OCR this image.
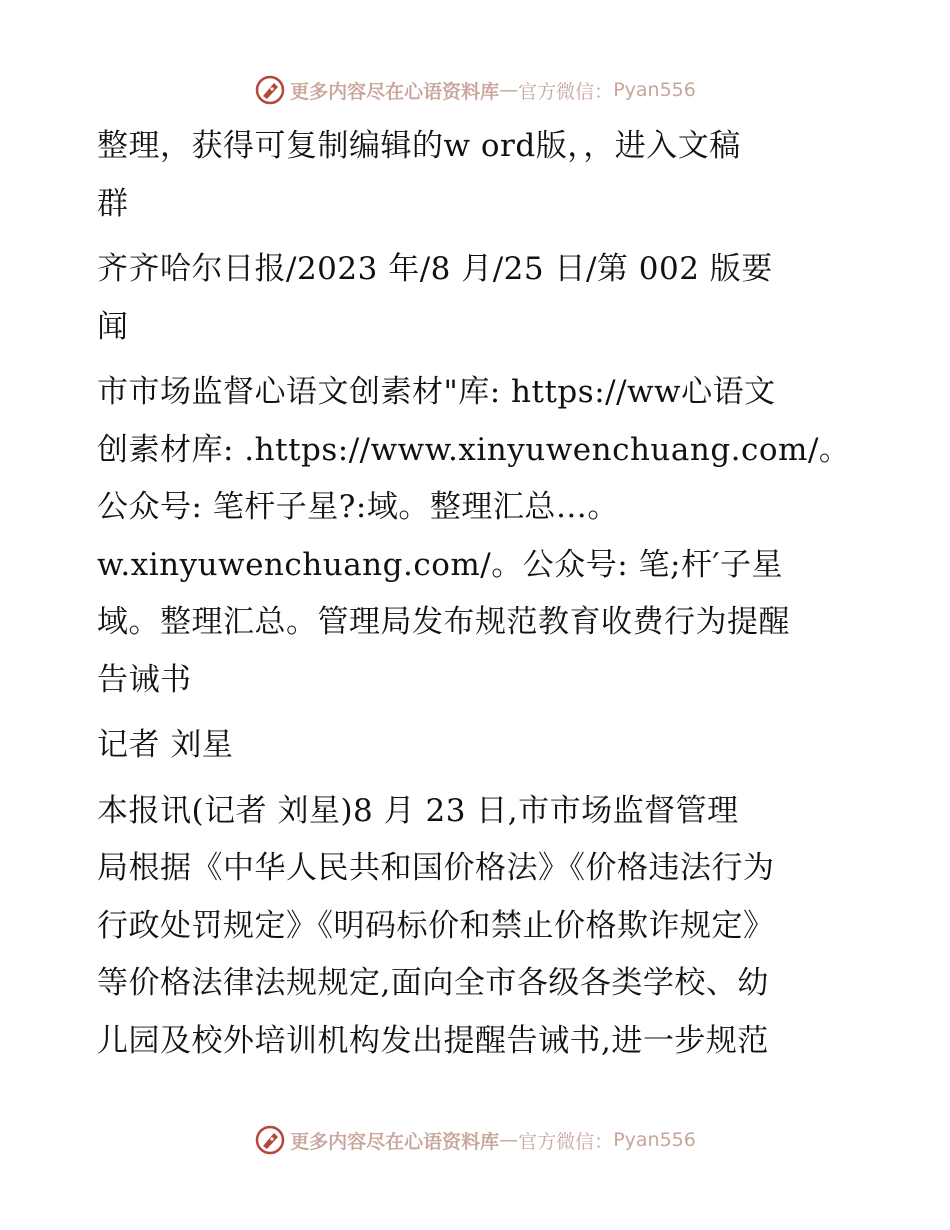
更多内容尽在心语资料库 — 官方微信： Pyan556
整理，获得可复制编辑的w ord版，，进入文稿
群
齐齐哈尔日报/2023 年/8 月/25 日/第 002 版要
闻
市市场监督心语文创素材"库: https://ww心语文
创素材库: .https://www.xinyuwenchuang.com/。
公众号: 笔杆子星?:域。整理汇总…。
w.xinyuwenchuang.com/。公众号: 笔;杆′子星
域。整理汇总。管理局发布规范教育收费行为提醒
告诫书
记者 刘星
本报讯(记者 刘星)8 月 23 日,市市场监督管理
局根据《中华人民共和国价格法》《价格违法行为
行政处罚规定》《明码标价和禁止价格欺诈规定》
等价格法律法规规定,面向全市各级各类学校、幼
儿园及校外培训机构发出提醒告诫书,进一步规范
更多内容尽在心语资料库 — 官方微信： Pyan556
